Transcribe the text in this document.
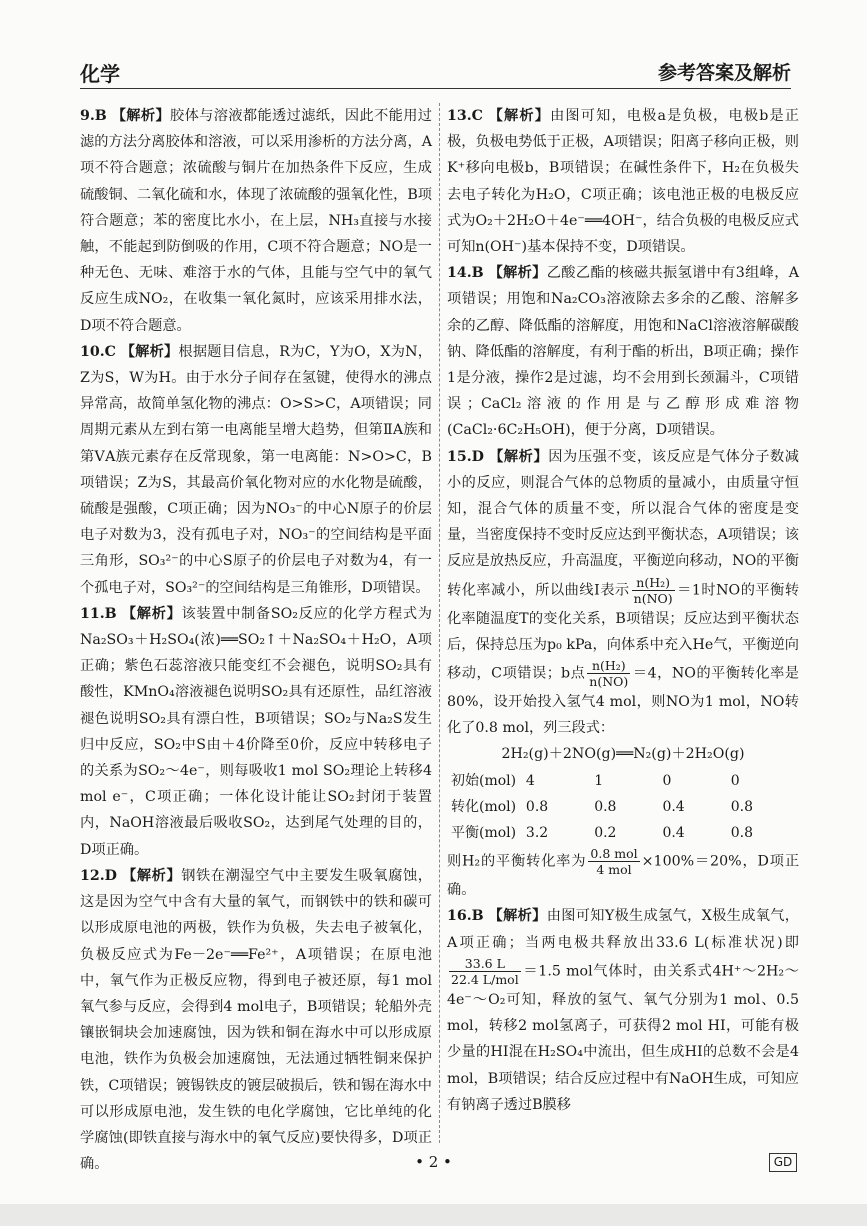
化学	参考答案及解析

9.B 【解析】胶体与溶液都能透过滤纸，因此不能用过滤的方法分离胶体和溶液，可以采用渗析的方法分离，A项不符合题意；浓硫酸与铜片在加热条件下反应，生成硫酸铜、二氧化硫和水，体现了浓硫酸的强氧化性，B项符合题意；苯的密度比水小，在上层，NH₃直接与水接触，不能起到防倒吸的作用，C项不符合题意；NO是一种无色、无味、难溶于水的气体，且能与空气中的氧气反应生成NO₂，在收集一氧化氮时，应该采用排水法，D项不符合题意。

10.C 【解析】根据题目信息，R为C，Y为O，X为N，Z为S，W为H。由于水分子间存在氢键，使得水的沸点异常高，故简单氢化物的沸点：O>S>C，A项错误；同周期元素从左到右第一电离能呈增大趋势，但第ⅡA族和第ⅤA族元素存在反常现象，第一电离能：N>O>C，B项错误；Z为S，其最高价氧化物对应的水化物是硫酸，硫酸是强酸，C项正确；因为NO₃⁻的中心N原子的价层电子对数为3，没有孤电子对，NO₃⁻的空间结构是平面三角形，SO₃²⁻的中心S原子的价层电子对数为4，有一个孤电子对，SO₃²⁻的空间结构是三角锥形，D项错误。

11.B 【解析】该装置中制备SO₂反应的化学方程式为Na₂SO₃＋H₂SO₄(浓)══SO₂↑＋Na₂SO₄＋H₂O，A项正确；紫色石蕊溶液只能变红不会褪色，说明SO₂具有酸性，KMnO₄溶液褪色说明SO₂具有还原性，品红溶液褪色说明SO₂具有漂白性，B项错误；SO₂与Na₂S发生归中反应，SO₂中S由＋4价降至0价，反应中转移电子的关系为SO₂～4e⁻，则每吸收1 mol SO₂理论上转移4 mol e⁻，C项正确；一体化设计能让SO₂封闭于装置内，NaOH溶液最后吸收SO₂，达到尾气处理的目的，D项正确。

12.D 【解析】钢铁在潮湿空气中主要发生吸氧腐蚀，这是因为空气中含有大量的氧气，而钢铁中的铁和碳可以形成原电池的两极，铁作为负极，失去电子被氧化，负极反应式为Fe－2e⁻══Fe²⁺，A项错误；在原电池中，氧气作为正极反应物，得到电子被还原，每1 mol氧气参与反应，会得到4 mol电子，B项错误；轮船外壳镶嵌铜块会加速腐蚀，因为铁和铜在海水中可以形成原电池，铁作为负极会加速腐蚀，无法通过牺牲铜来保护铁，C项错误；镀锡铁皮的镀层破损后，铁和锡在海水中可以形成原电池，发生铁的电化学腐蚀，它比单纯的化学腐蚀(即铁直接与海水中的氧气反应)要快得多，D项正确。

13.C 【解析】由图可知，电极a是负极，电极b是正极，负极电势低于正极，A项错误；阳离子移向正极，则K⁺移向电极b，B项错误；在碱性条件下，H₂在负极失去电子转化为H₂O，C项正确；该电池正极的电极反应式为O₂＋2H₂O＋4e⁻══4OH⁻，结合负极的电极反应式可知n(OH⁻)基本保持不变，D项错误。

14.B 【解析】乙酸乙酯的核磁共振氢谱中有3组峰，A项错误；用饱和Na₂CO₃溶液除去多余的乙酸、溶解多余的乙醇、降低酯的溶解度，用饱和NaCl溶液溶解碳酸钠、降低酯的溶解度，有利于酯的析出，B项正确；操作1是分液，操作2是过滤，均不会用到长颈漏斗，C项错误；CaCl₂溶液的作用是与乙醇形成难溶物(CaCl₂·6C₂H₅OH)，便于分离，D项错误。

15.D 【解析】因为压强不变，该反应是气体分子数减小的反应，则混合气体的总物质的量减小，由质量守恒知，混合气体的质量不变，所以混合气体的密度是变量，当密度保持不变时反应达到平衡状态，A项错误；该反应是放热反应，升高温度，平衡逆向移动，NO的平衡转化率减小，所以曲线Ⅰ表示 $\frac{\text{n(H₂)}}{n(NO)} =1$时NO的平衡转化率随温度T的变化关系，B项错误；反应达到平衡状态后，保持总压为p₀ kPa，向体系中充入He气，平衡逆向移动，C项错误；b点 $\frac{\text{n(H₂)}}{n(NO)} =4$，NO的平衡转化率是80%，设开始投入氢气4 mol，则NO为1 mol，NO转化了0.8 mol，列三段式：

2H₂(g)＋2NO(g)══N₂(g)＋2H₂O(g)

初始(mol)	4	1	0	0
转化(mol)	0.8	0.8	0.4	0.8
平衡(mol)	3.2	0.2	0.4	0.8

则H₂的平衡转化率为 $\frac{\text{0.8 mol}}{\text{4 mol}} \times 100\%=20\%$，D项正确。

16.B 【解析】由图可知Y极生成氢气，X极生成氧气，A项正确；当两电极共释放出33.6 L(标准状况)即
$\frac{33.6 L}{\text{22.4 L/mol}} =1.5$ mol气体时，由关系式4H⁺～2H₂～4e⁻～O₂可知，释放的氢气、氧气分别为1 mol、0.5 mol，转移2 mol氢离子，可获得2 mol HI，可能有极少量的HI混在H₂SO₄中流出，但生成HI的总数不会是4 mol，B项错误；结合反应过程中有NaOH生成，可知应有钠离子透过B膜移

• 2 •	GD
